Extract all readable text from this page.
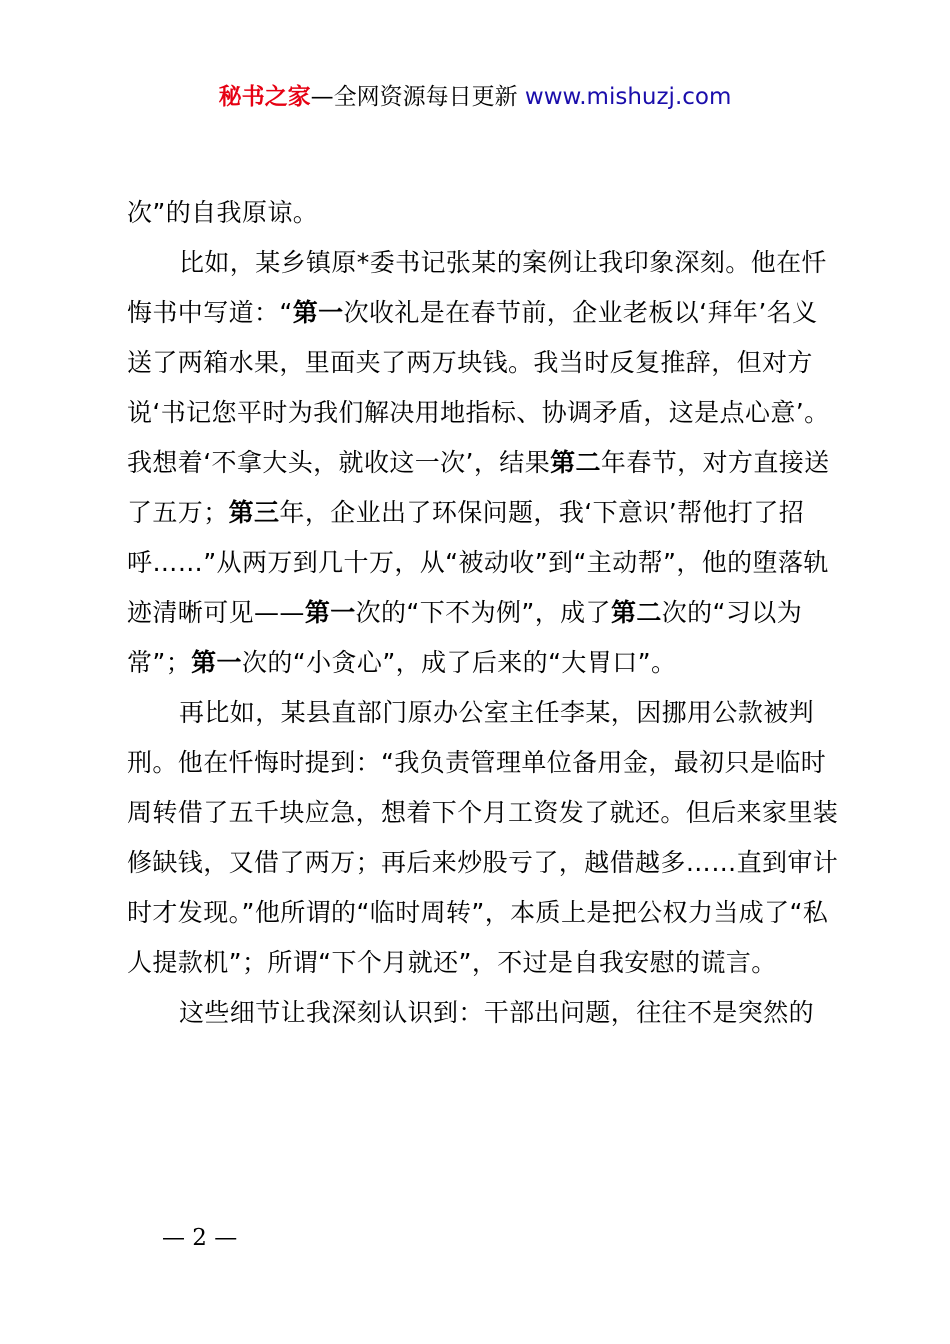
秘书之家—全网资源每日更新 www.mishuzj.com

次”的自我原谅。

比如，某乡镇原*委书记张某的案例让我印象深刻。他在忏悔书中写道：“第一次收礼是在春节前，企业老板以‘拜年’名义送了两箱水果，里面夹了两万块钱。我当时反复推辞，但对方说‘书记您平时为我们解决用地指标、协调矛盾，这是点心意’。我想着‘不拿大头，就收这一次’，结果第二年春节，对方直接送了五万；第三年，企业出了环保问题，我‘下意识’帮他打了招呼……”从两万到几十万，从“被动收”到“主动帮”，他的堕落轨迹清晰可见——第一次的“下不为例”，成了第二次的“习以为常”；第一次的“小贪心”，成了后来的“大胃口”。

再比如，某县直部门原办公室主任李某，因挪用公款被判刑。他在忏悔时提到：“我负责管理单位备用金，最初只是临时周转借了五千块应急，想着下个月工资发了就还。但后来家里装修缺钱，又借了两万；再后来炒股亏了，越借越多……直到审计时才发现。”他所谓的“临时周转”，本质上是把公权力当成了“私人提款机”；所谓“下个月就还”，不过是自我安慰的谎言。

这些细节让我深刻认识到：干部出问题，往往不是突然的

— 2 —
